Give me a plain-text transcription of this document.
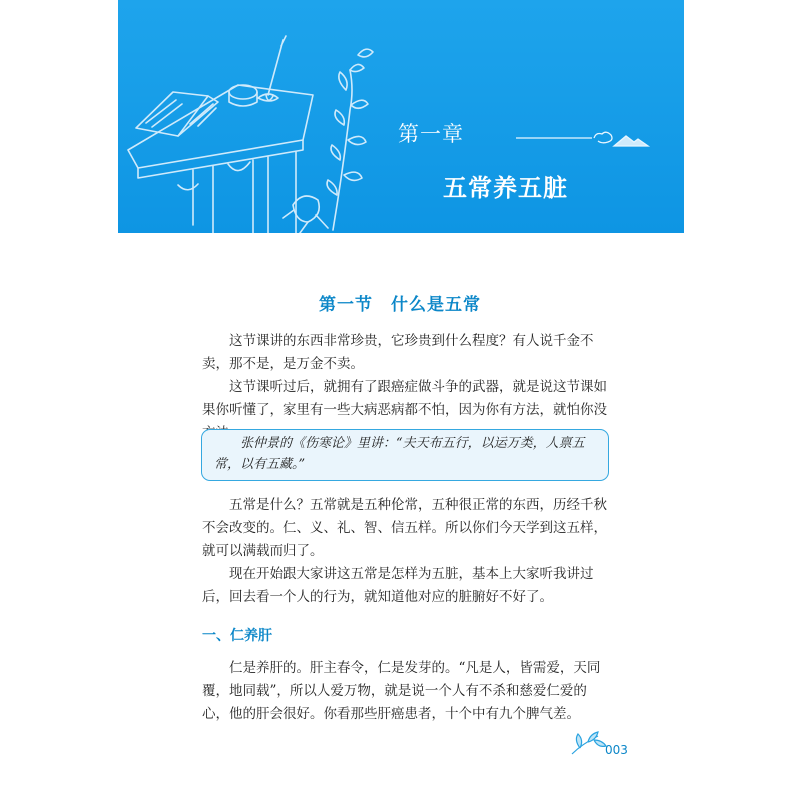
第一章
五常养五脏
第一节　什么是五常

这节课讲的东西非常珍贵，它珍贵到什么程度？有人说千金不卖，那不是，是万金不卖。

这节课听过后，就拥有了跟癌症做斗争的武器，就是说这节课如果你听懂了，家里有一些大病恶病都不怕，因为你有方法，就怕你没

张仲景的《伤寒论》里讲：“夫天布五行，以运万类，人禀五常，以有五藏。”

五常是什么？五常就是五种伦常，五种很正常的东西，历经千秋不会改变的。仁、义、礼、智、信五样。所以你们今天学到这五样，就可以满载而归了。

现在开始跟大家讲这五常是怎样为五脏，基本上大家听我讲过后，回去看一个人的行为，就知道他对应的脏腑好不好了。

一、仁养肝

仁是养肝的。肝主春令，仁是发芽的。“凡是人，皆需爱，天同覆，地同载”，所以人爱万物，就是说一个人有不杀和慈爱仁爱的心，他的肝会很好。你看那些肝癌患者，十个中有九个脾气差。

003
